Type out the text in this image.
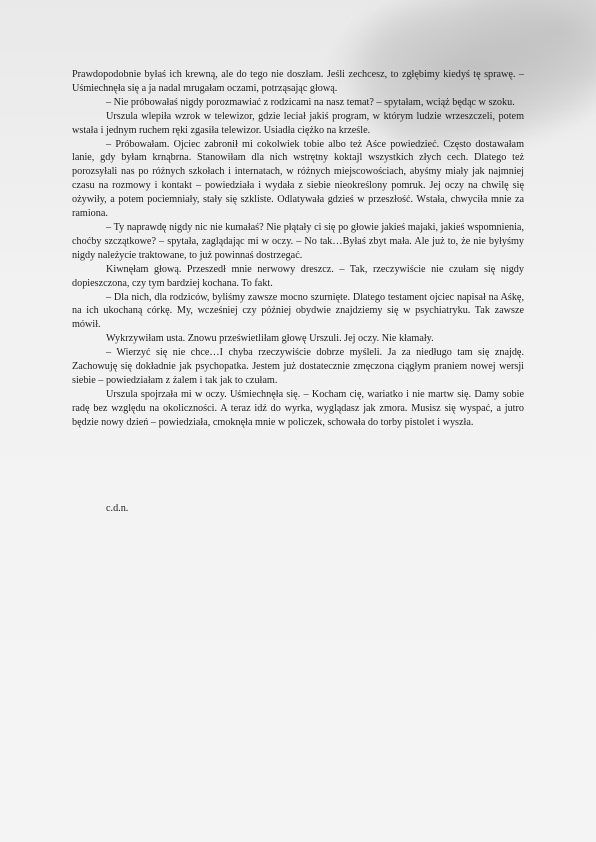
Prawdopodobnie byłaś ich krewną, ale do tego nie doszłam. Jeśli zechcesz, to zgłębimy kiedyś tę sprawę. – Uśmiechnęła się a ja nadal mrugałam oczami, potrząsając głową.

– Nie próbowałaś nigdy porozmawiać z rodzicami na nasz temat? – spytałam, wciąż będąc w szoku.

Urszula wlepiła wzrok w telewizor, gdzie leciał jakiś program, w którym ludzie wrzeszczeli, potem wstała i jednym ruchem ręki zgasiła telewizor. Usiadła ciężko na krześle.

– Próbowałam. Ojciec zabronił mi cokolwiek tobie albo też Aśce powiedzieć. Często dostawałam lanie, gdy byłam krnąbrna. Stanowiłam dla nich wstrętny koktajl wszystkich złych cech. Dlatego też porozsyłali nas po różnych szkołach i internatach, w różnych miejscowościach, abyśmy miały jak najmniej czasu na rozmowy i kontakt – powiedziała i wydała z siebie nieokreślony pomruk. Jej oczy na chwilę się ożywiły, a potem pociemniały, stały się szkliste. Odlatywała gdzieś w przeszłość. Wstała, chwyciła mnie za ramiona.

– Ty naprawdę nigdy nic nie kumałaś? Nie płątały ci się po głowie jakieś majaki, jakieś wspomnienia, choćby szczątkowe? – spytała, zaglądając mi w oczy. – No tak…Byłaś zbyt mała. Ale już to, że nie byłyśmy nigdy należycie traktowane, to już powinnaś dostrzegać.

Kiwnęłam głową. Przeszedł mnie nerwowy dreszcz. – Tak, rzeczywiście nie czułam się nigdy dopieszczona, czy tym bardziej kochana. To fakt.

– Dla nich, dla rodziców, byliśmy zawsze mocno szurnięte. Dlatego testament ojciec napisał na Aśkę, na ich ukochaną córkę. My, wcześniej czy później obydwie znajdziemy się w psychiatryku. Tak zawsze mówił.

Wykrzywiłam usta. Znowu prześwietliłam głowę Urszuli. Jej oczy. Nie kłamały.

– Wierzyć się nie chce…I chyba rzeczywiście dobrze myśleli. Ja za niedługo tam się znajdę. Zachowuję się dokładnie jak psychopatka. Jestem już dostatecznie zmęczona ciągłym praniem nowej wersji siebie – powiedziałam z żalem i tak jak to czułam.

Urszula spojrzała mi w oczy. Uśmiechnęła się. – Kocham cię, wariatko i nie martw się. Damy sobie radę bez względu na okoliczności. A teraz idź do wyrka, wyglądasz jak zmora. Musisz się wyspać, a jutro będzie nowy dzień – powiedziała, cmoknęła mnie w policzek, schowała do torby pistolet i wyszła.

c.d.n.
